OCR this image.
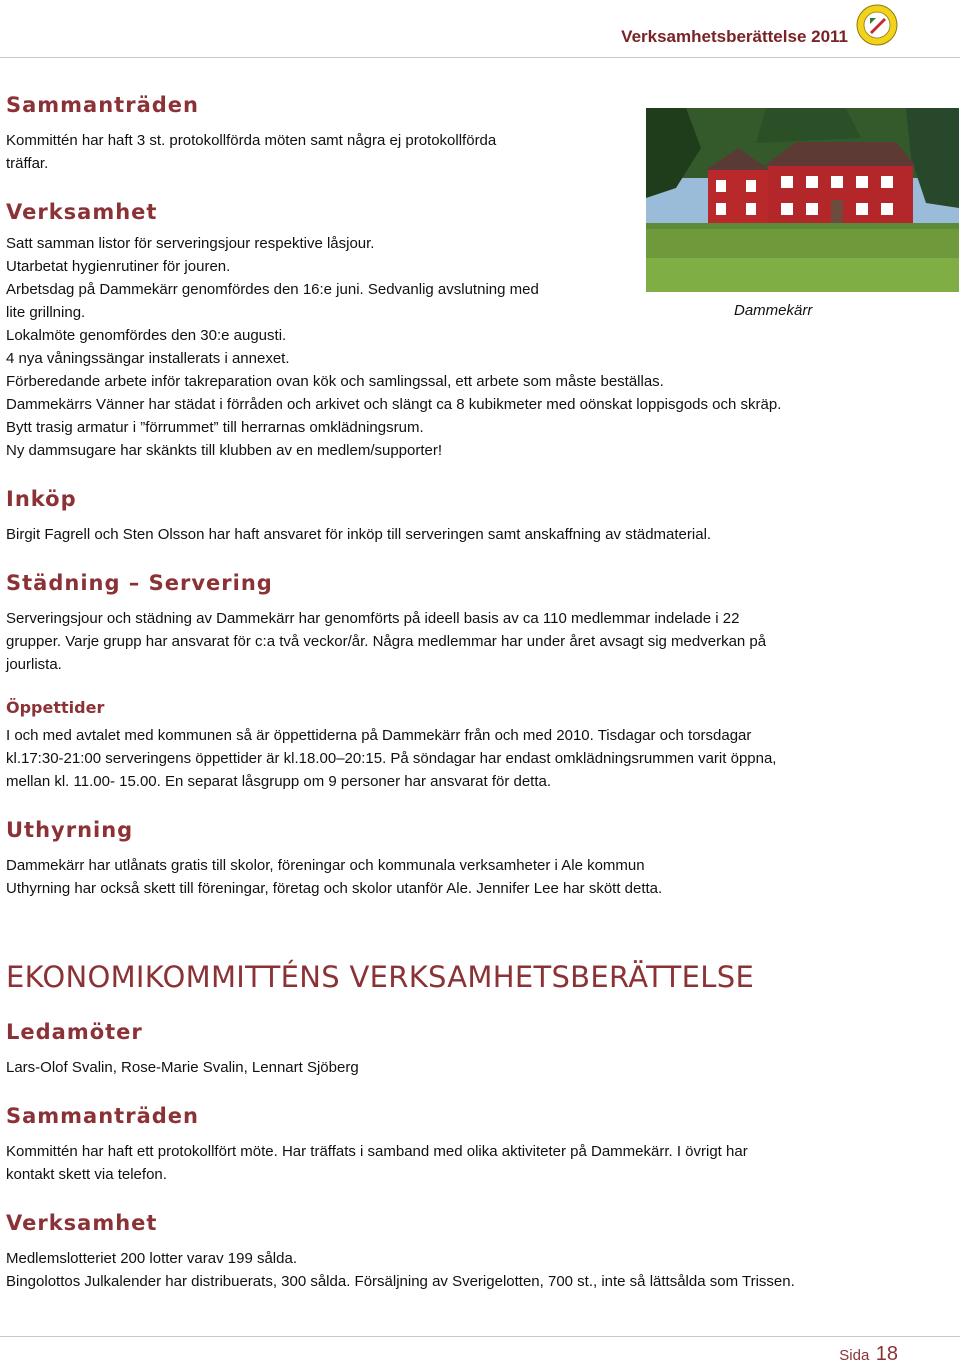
Verksamhetsberättelse 2011
Sammanträden
Kommittén har haft 3 st. protokollförda möten samt några ej protokollförda
träffar.
Dammekärr
Verksamhet
Satt samman listor för serveringsjour respektive låsjour.
Utarbetat hygienrutiner för jouren.
Arbetsdag på Dammekärr genomfördes den 16:e juni. Sedvanlig avslutning med
lite grillning.
Lokalmöte genomfördes den 30:e augusti.
4 nya våningssängar installerats i annexet.
Förberedande arbete inför takreparation ovan kök och samlingssal, ett arbete som måste beställas.
Dammekärrs Vänner har städat i förråden och arkivet och slängt ca 8 kubikmeter med oönskat loppisgods och skräp.
Bytt trasig armatur i ”förrummet” till herrarnas omklädningsrum.
Ny dammsugare har skänkts till klubben av en medlem/supporter!
Inköp
Birgit Fagrell och Sten Olsson har haft ansvaret för inköp till serveringen samt anskaffning av städmaterial.
Städning – Servering
Serveringsjour och städning av Dammekärr har genomförts på ideell basis av ca 110 medlemmar indelade i 22
grupper. Varje grupp har ansvarat för c:a två veckor/år. Några medlemmar har under året avsagt sig medverkan på
jourlista.
Öppettider
I och med avtalet med kommunen så är öppettiderna på Dammekärr från och med 2010. Tisdagar och torsdagar
kl.17:30-21:00 serveringens öppettider är kl.18.00–20:15. På söndagar har endast omklädningsrummen varit öppna,
mellan kl. 11.00- 15.00. En separat låsgrupp om 9 personer har ansvarat för detta.
Uthyrning
Dammekärr har utlånats gratis till skolor, föreningar och kommunala verksamheter i Ale kommun
Uthyrning har också skett till föreningar, företag och skolor utanför Ale. Jennifer Lee har skött detta.
EKONOMIKOMMITTÉNS VERKSAMHETSBERÄTTELSE
Ledamöter
Lars-Olof Svalin, Rose-Marie Svalin, Lennart Sjöberg
Sammanträden
Kommittén har haft ett protokollfört möte. Har träffats i samband med olika aktiviteter på Dammekärr. I övrigt har
kontakt skett via telefon.
Verksamhet
Medlemslotteriet 200 lotter varav 199 sålda.
Bingolottos Julkalender har distribuerats, 300 sålda. Försäljning av Sverigelotten, 700 st., inte så lättsålda som Trissen.
Sida 18
